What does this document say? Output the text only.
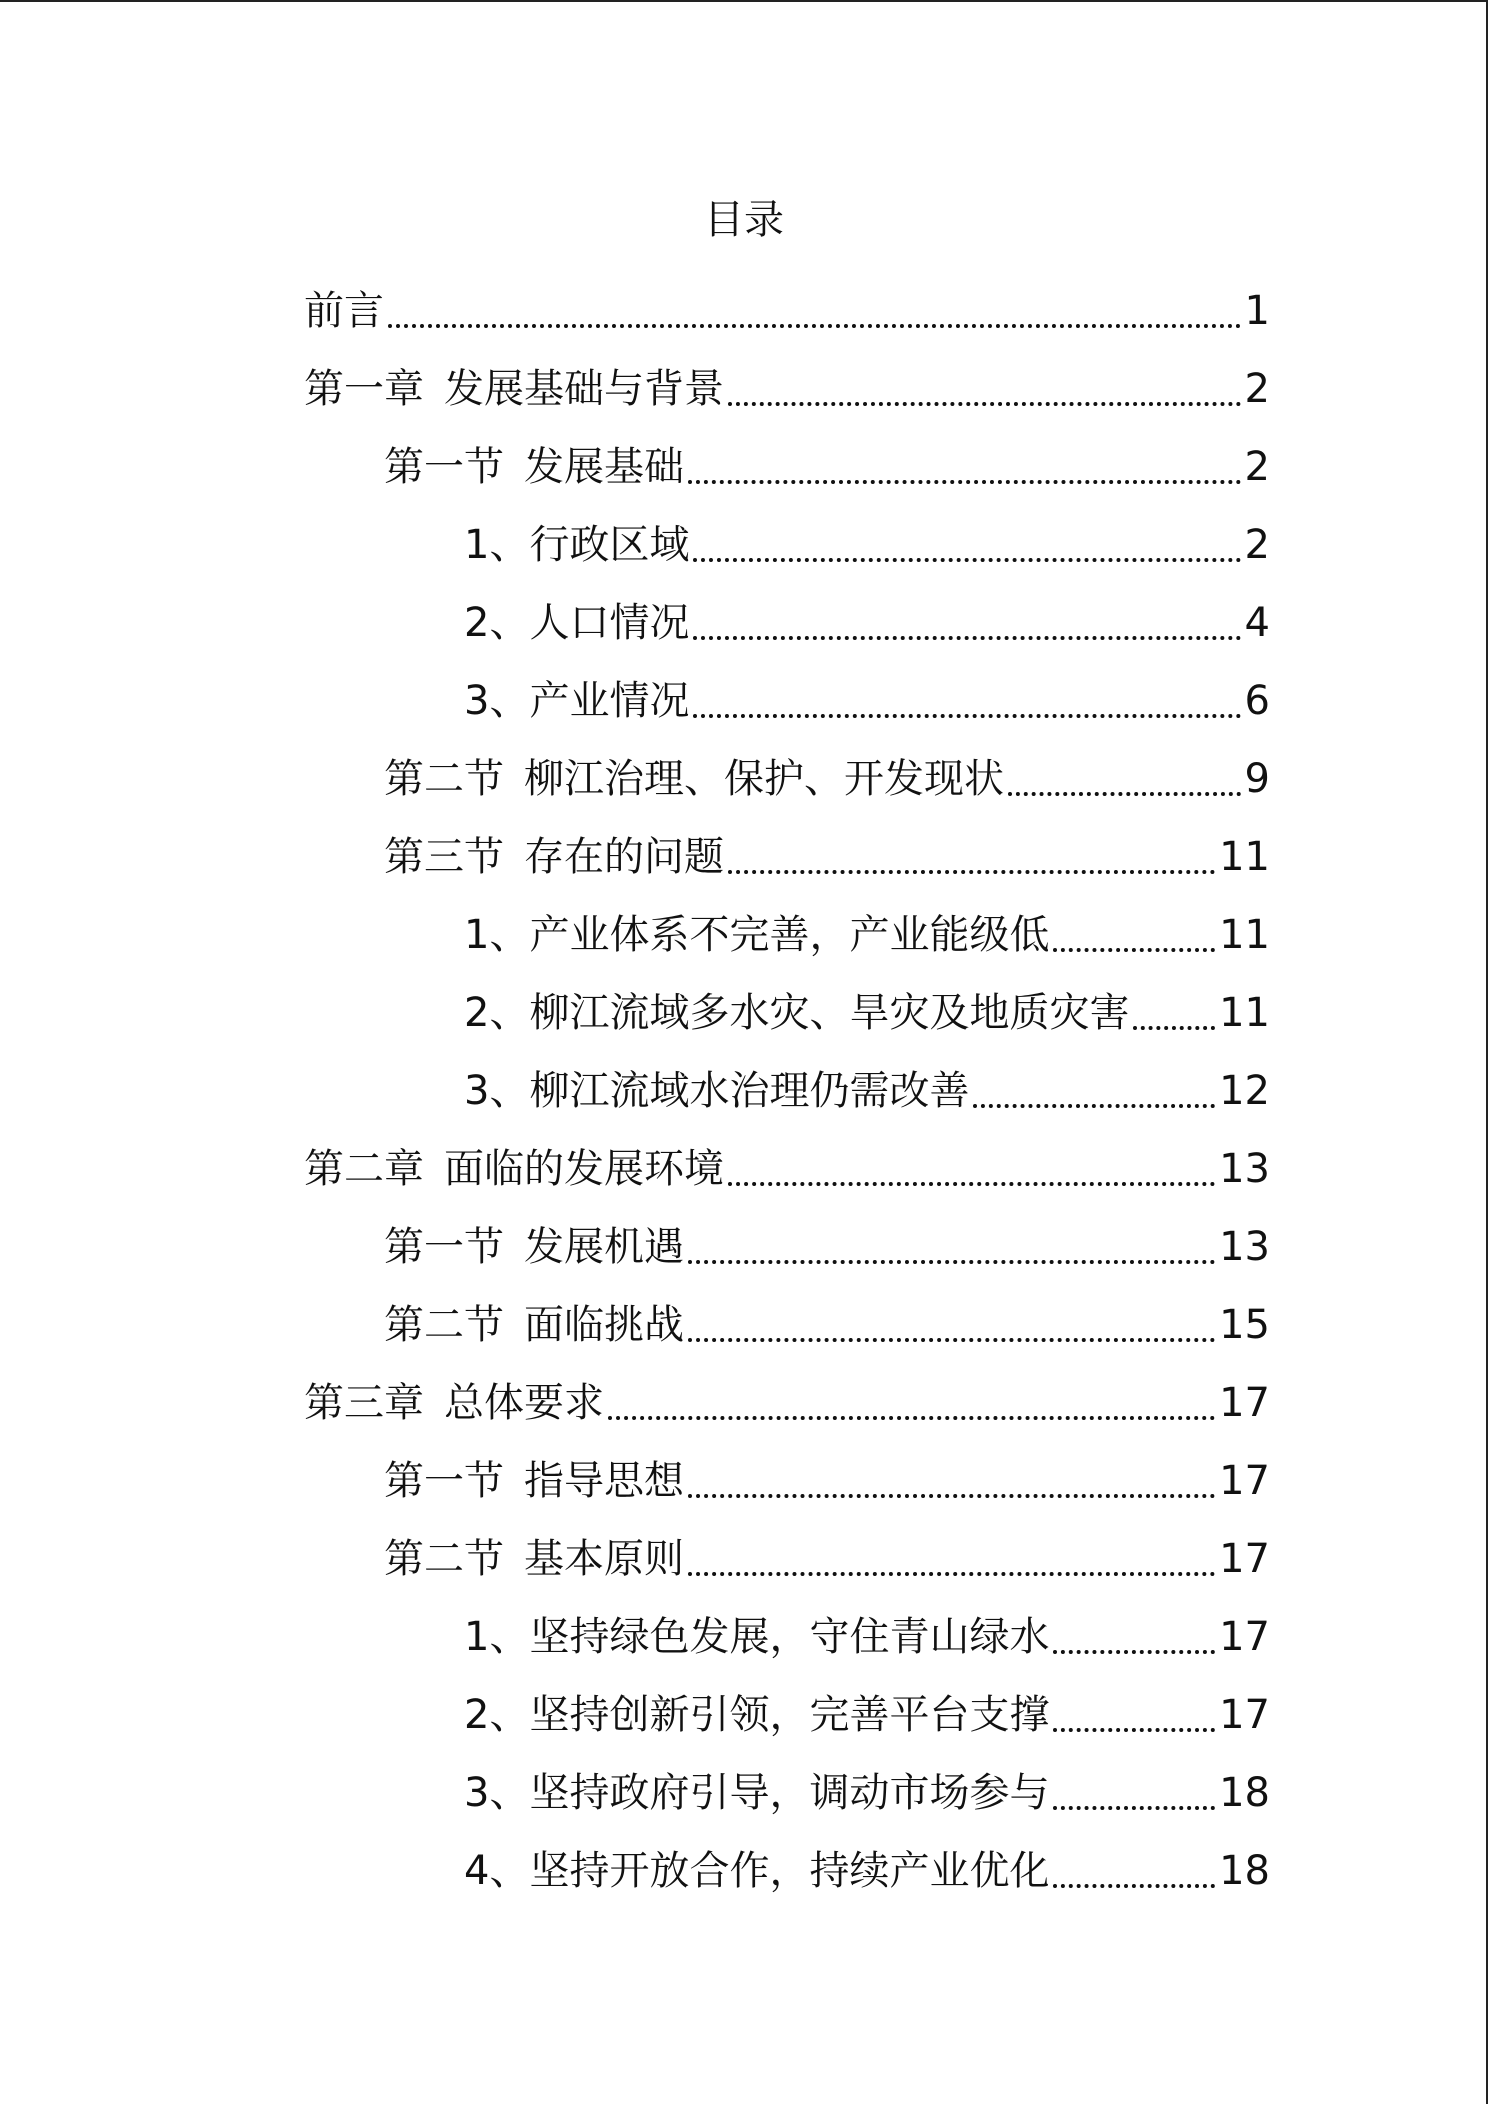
目录
前言	1
第一章 发展基础与背景	2
第一节 发展基础	2
1、行政区域	2
2、人口情况	4
3、产业情况	6
第二节 柳江治理、保护、开发现状	9
第三节 存在的问题	11
1、产业体系不完善，产业能级低	11
2、柳江流域多水灾、旱灾及地质灾害 11
3、柳江流域水治理仍需改善	12
第二章 面临的发展环境	13
第一节 发展机遇	13
第二节 面临挑战	15
第三章 总体要求	17
第一节 指导思想	17
第二节 基本原则	17
1、坚持绿色发展，守住青山绿水	17
2、坚持创新引领，完善平台支撑	17
3、坚持政府引导，调动市场参与	18
4、坚持开放合作，持续产业优化	18
